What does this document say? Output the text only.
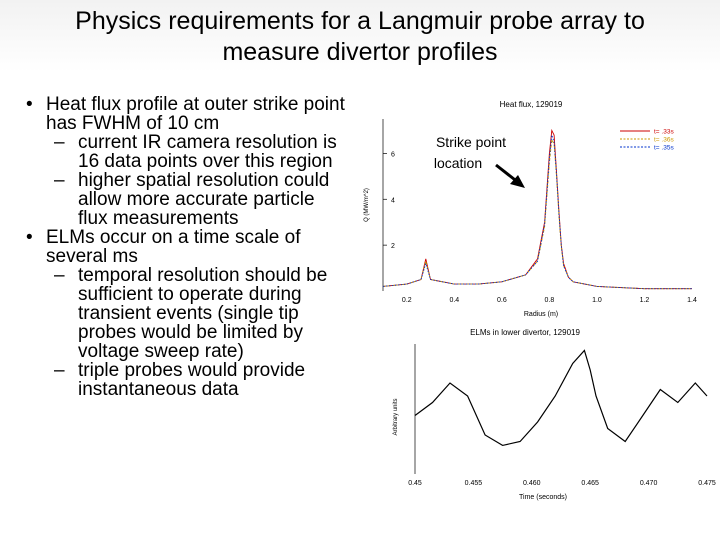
Physics requirements for a Langmuir probe array to
measure divertor profiles
• Heat flux profile at outer strike point has FWHM of 10 cm
– current IR camera resolution is 16 data points over this region
– higher spatial resolution could allow more accurate particle flux measurements
• ELMs occur on a time scale of several ms
– temporal resolution should be sufficient to operate during transient events (single tip probes would be limited by voltage sweep rate)
– triple probes would provide instantaneous data
0.2	0.4	0.6	0.8	1.0	1.2	1.4
2
4
6
t= .33s
t= .36s
t= .35s
Heat flux, 129019
Radius (m)
Q (MW/m^2)
Strike point
location
0.45	0.455	0.460	0.465	0.470	0.475
ELMs in lower divertor, 129019
Time (seconds)
Arbitrary units
